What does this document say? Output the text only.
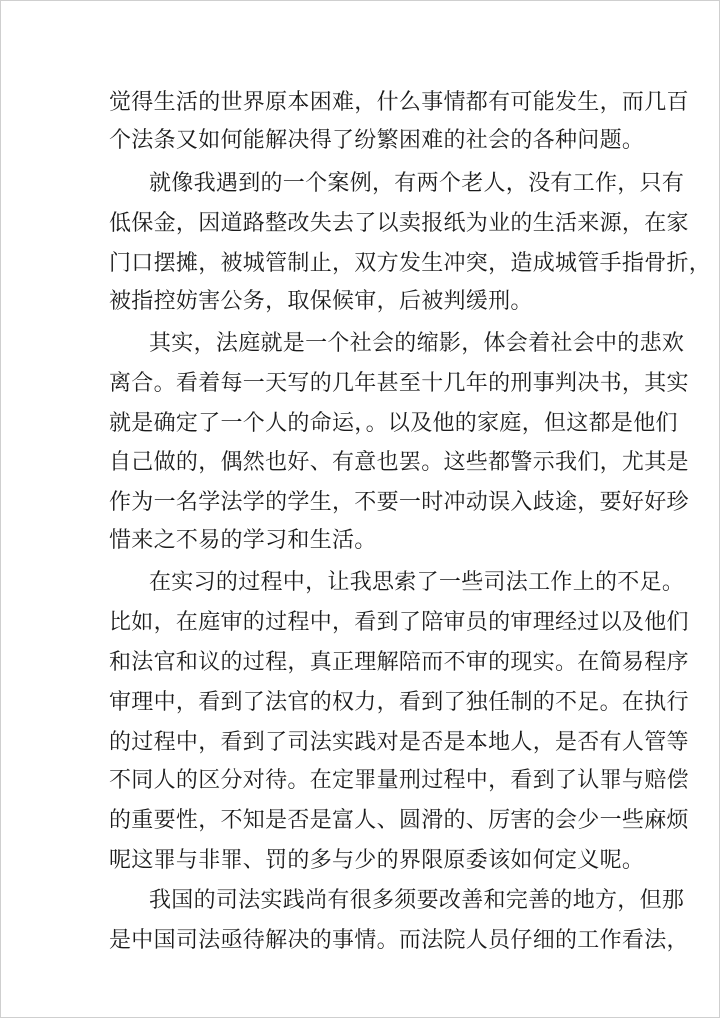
觉得生活的世界原本困难，什么事情都有可能发生，而几百
个法条又如何能解决得了纷繁困难的社会的各种问题。
就像我遇到的一个案例，有两个老人，没有工作，只有
低保金，因道路整改失去了以卖报纸为业的生活来源，在家
门口摆摊，被城管制止，双方发生冲突，造成城管手指骨折，
被指控妨害公务，取保候审，后被判缓刑。
其实，法庭就是一个社会的缩影，体会着社会中的悲欢
离合。看着每一天写的几年甚至十几年的刑事判决书，其实
就是确定了一个人的命运，。以及他的家庭，但这都是他们
自己做的，偶然也好、有意也罢。这些都警示我们，尤其是
作为一名学法学的学生，不要一时冲动误入歧途，要好好珍
惜来之不易的学习和生活。
在实习的过程中，让我思索了一些司法工作上的不足。
比如，在庭审的过程中，看到了陪审员的审理经过以及他们
和法官和议的过程，真正理解陪而不审的现实。在简易程序
审理中，看到了法官的权力，看到了独任制的不足。在执行
的过程中，看到了司法实践对是否是本地人，是否有人管等
不同人的区分对待。在定罪量刑过程中，看到了认罪与赔偿
的重要性，不知是否是富人、圆滑的、厉害的会少一些麻烦
呢这罪与非罪、罚的多与少的界限原委该如何定义呢。
我国的司法实践尚有很多须要改善和完善的地方，但那
是中国司法亟待解决的事情。而法院人员仔细的工作看法，
